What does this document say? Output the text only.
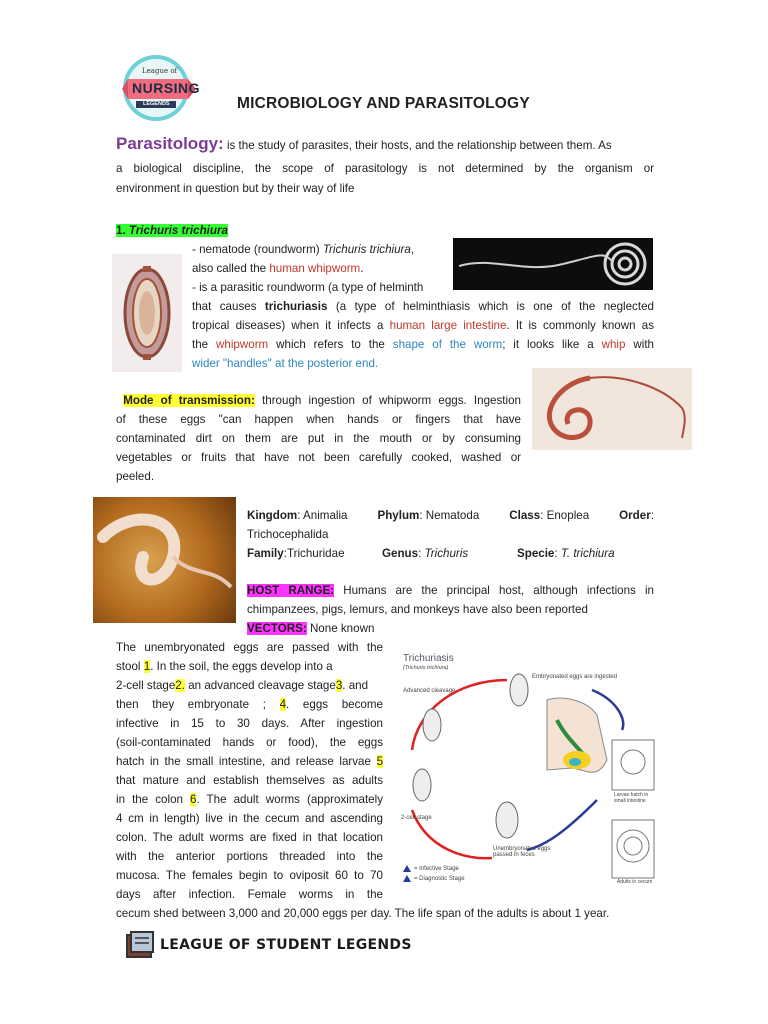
League of
NURSING
LEGENDS	MICROBIOLOGY AND PARASITOLOGY
Parasitology: is the study of parasites, their hosts, and the relationship between them. As
a biological discipline, the scope of parasitology is not determined by the organism or
environment in question but by their way of life
1. Trichuris trichiura
- nematode (roundworm) Trichuris trichiura,
also called the human whipworm.
- is a parasitic roundworm (a type of helminth
that causes trichuriasis (a type of helminthiasis which is one of the neglected
tropical diseases) when it infects a human large intestine. It is commonly known as
the whipworm which refers to the shape of the worm; it looks like a whip with
wider "handles" at the posterior end.
Mode of transmission: through ingestion of whipworm eggs. Ingestion
of these eggs "can happen when hands or fingers that have
contaminated dirt on them are put in the mouth or by consuming
vegetables or fruits that have not been carefully cooked, washed or
peeled.
Kingdom: Animalia	Phylum: Nematoda	Class: Enoplea	Order:
Trichocephalida
Family:Trichuridae	Genus: Trichuris	Specie: T. trichiura
HOST RANGE: Humans are the principal host, although infections in
chimpanzees, pigs, lemurs, and monkeys have also been reported
VECTORS: None known
The unembryonated eggs are passed with the
stool 1. In the soil, the eggs develop into a
2-cell stage2. an advanced cleavage stage3. and
then they embryonate ; 4. eggs become
infective in 15 to 30 days. After ingestion
(soil-contaminated hands or food), the eggs
hatch in the small intestine, and release larvae 5
that mature and establish themselves as adults
in the colon 6. The adult worms (approximately
4 cm in length) live in the cecum and ascending
colon. The adult worms are fixed in that location
with the anterior portions threaded into the
mucosa. The females begin to oviposit 60 to 70
days after infection. Female worms in the
cecum shed between 3,000 and 20,000 eggs per day. The life span of the adults is about 1 year.
Trichuriasis
(Trichuris trichiura)
Unembryonated eggs passed in feces
2-cell stage
Advanced cleavage
Embryonated eggs are ingested
Larvae hatch in small intestine
Adults in cecum
= Infective Stage
= Diagnostic Stage
LEAGUE OF STUDENT LEGENDS
